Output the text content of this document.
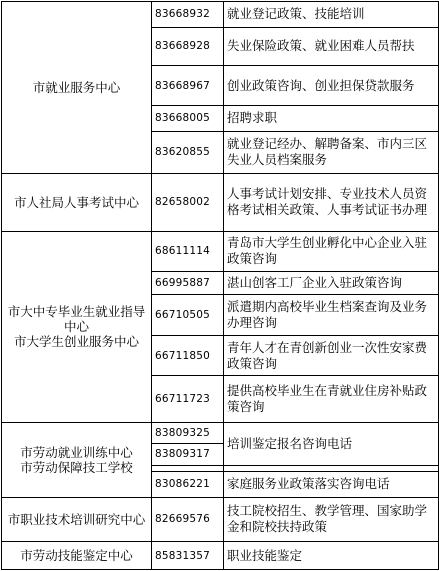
市就业服务中心	83668932	就业登记政策、技能培训
	83668928	失业保险政策、就业困难人员帮扶
	83668967	创业政策咨询、创业担保贷款服务
	83668005	招聘求职
	83620855	就业登记经办、解聘备案、市内三区失业人员档案服务
市人社局人事考试中心	82658002	人事考试计划安排、专业技术人员资格考试相关政策、人事考试证书办理

市大中专毕业生就业指导中心
市大学生创业服务中心	68611114	青岛市大学生创业孵化中心企业入驻政策咨询
	66995887	湛山创客工厂企业入驻政策咨询
	66710505	派遣期内高校毕业生档案查询及业务办理咨询
	66711850	青年人才在青创新创业一次性安家费政策咨询
	66711723	提供高校毕业生在青就业住房补贴政策咨询

市劳动就业训练中心
市劳动保障技工学校	83809325	培训鉴定报名咨询电话
	83809317	

	83086221	家庭服务业政策落实咨询电话
市职业技术培训研究中心	82669576	技工院校招生、教学管理、国家助学金和院校扶持政策
市劳动技能鉴定中心	85831357	职业技能鉴定
